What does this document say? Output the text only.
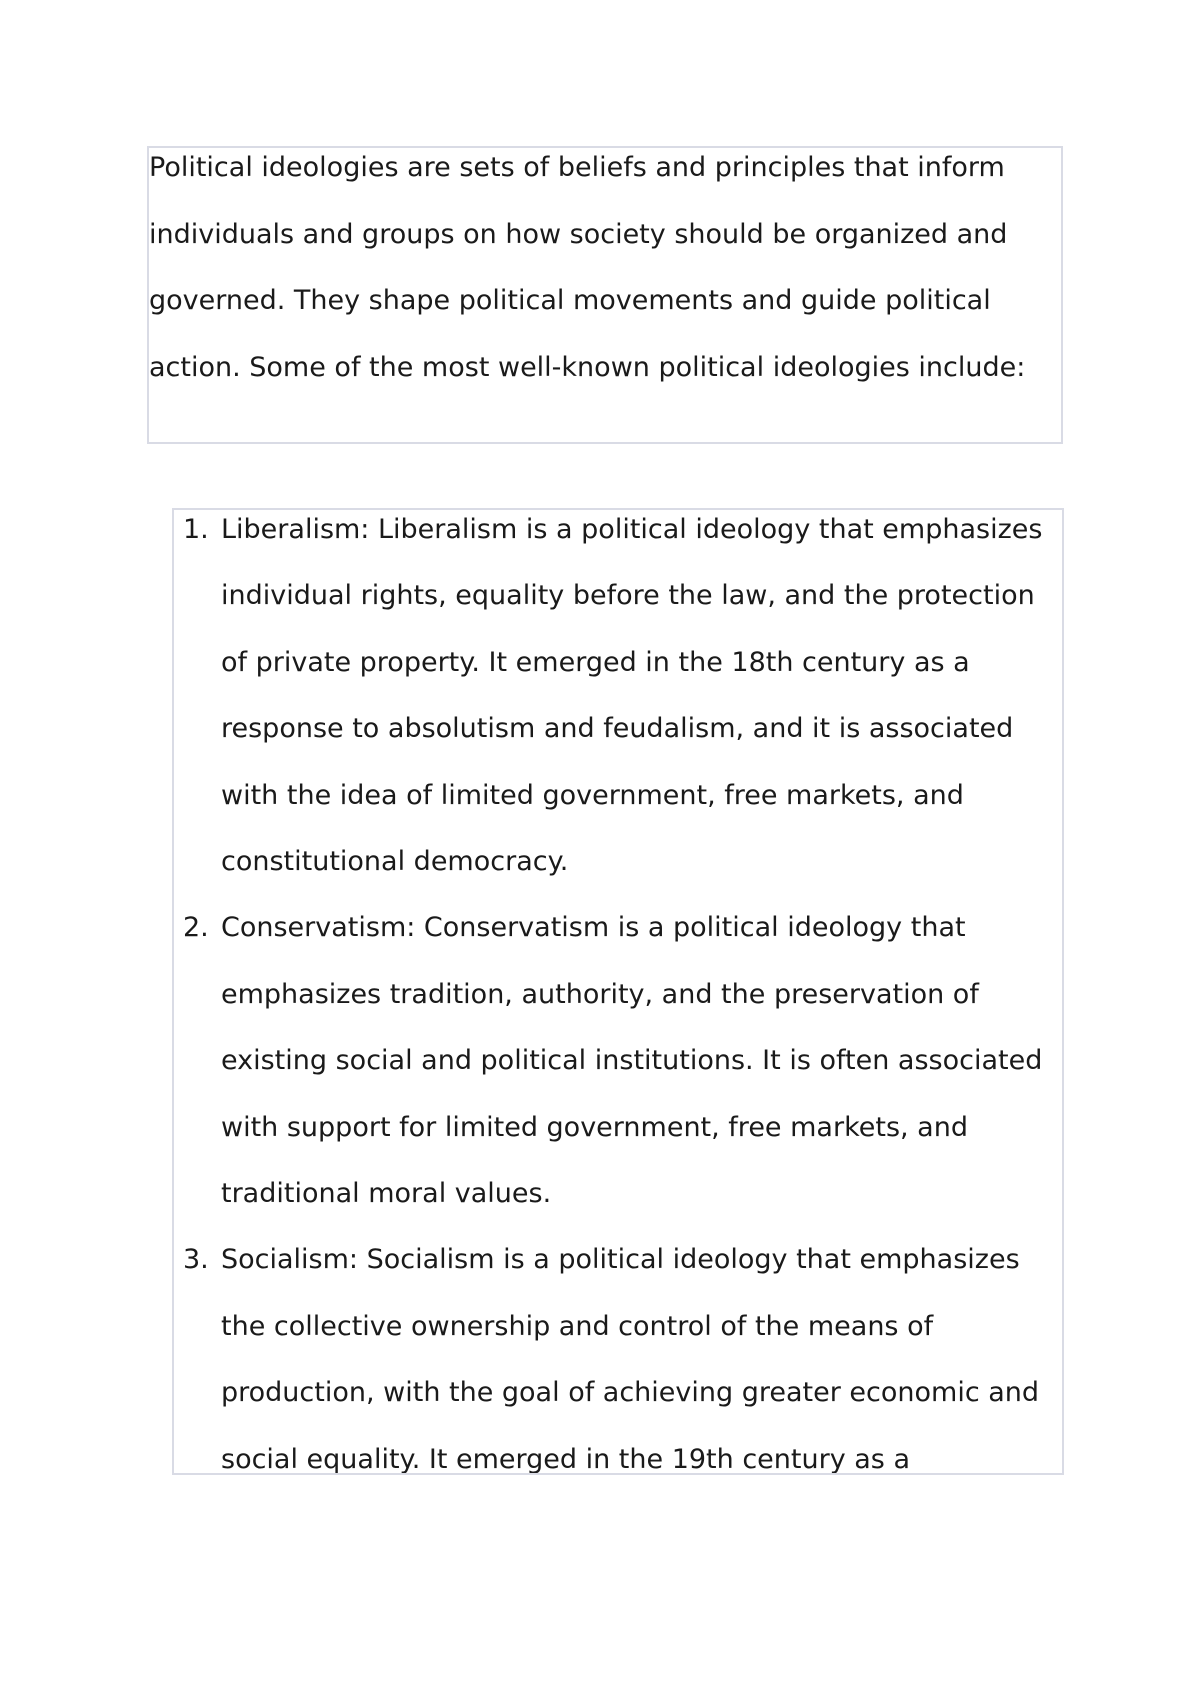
Political ideologies are sets of beliefs and principles that inform individuals and groups on how society should be organized and governed. They shape political movements and guide political action. Some of the most well-known political ideologies include:

1. Liberalism: Liberalism is a political ideology that emphasizes individual rights, equality before the law, and the protection of private property. It emerged in the 18th century as a response to absolutism and feudalism, and it is associated with the idea of limited government, free markets, and constitutional democracy.
2. Conservatism: Conservatism is a political ideology that emphasizes tradition, authority, and the preservation of existing social and political institutions. It is often associated with support for limited government, free markets, and traditional moral values.
3. Socialism: Socialism is a political ideology that emphasizes the collective ownership and control of the means of production, with the goal of achieving greater economic and social equality. It emerged in the 19th century as a
